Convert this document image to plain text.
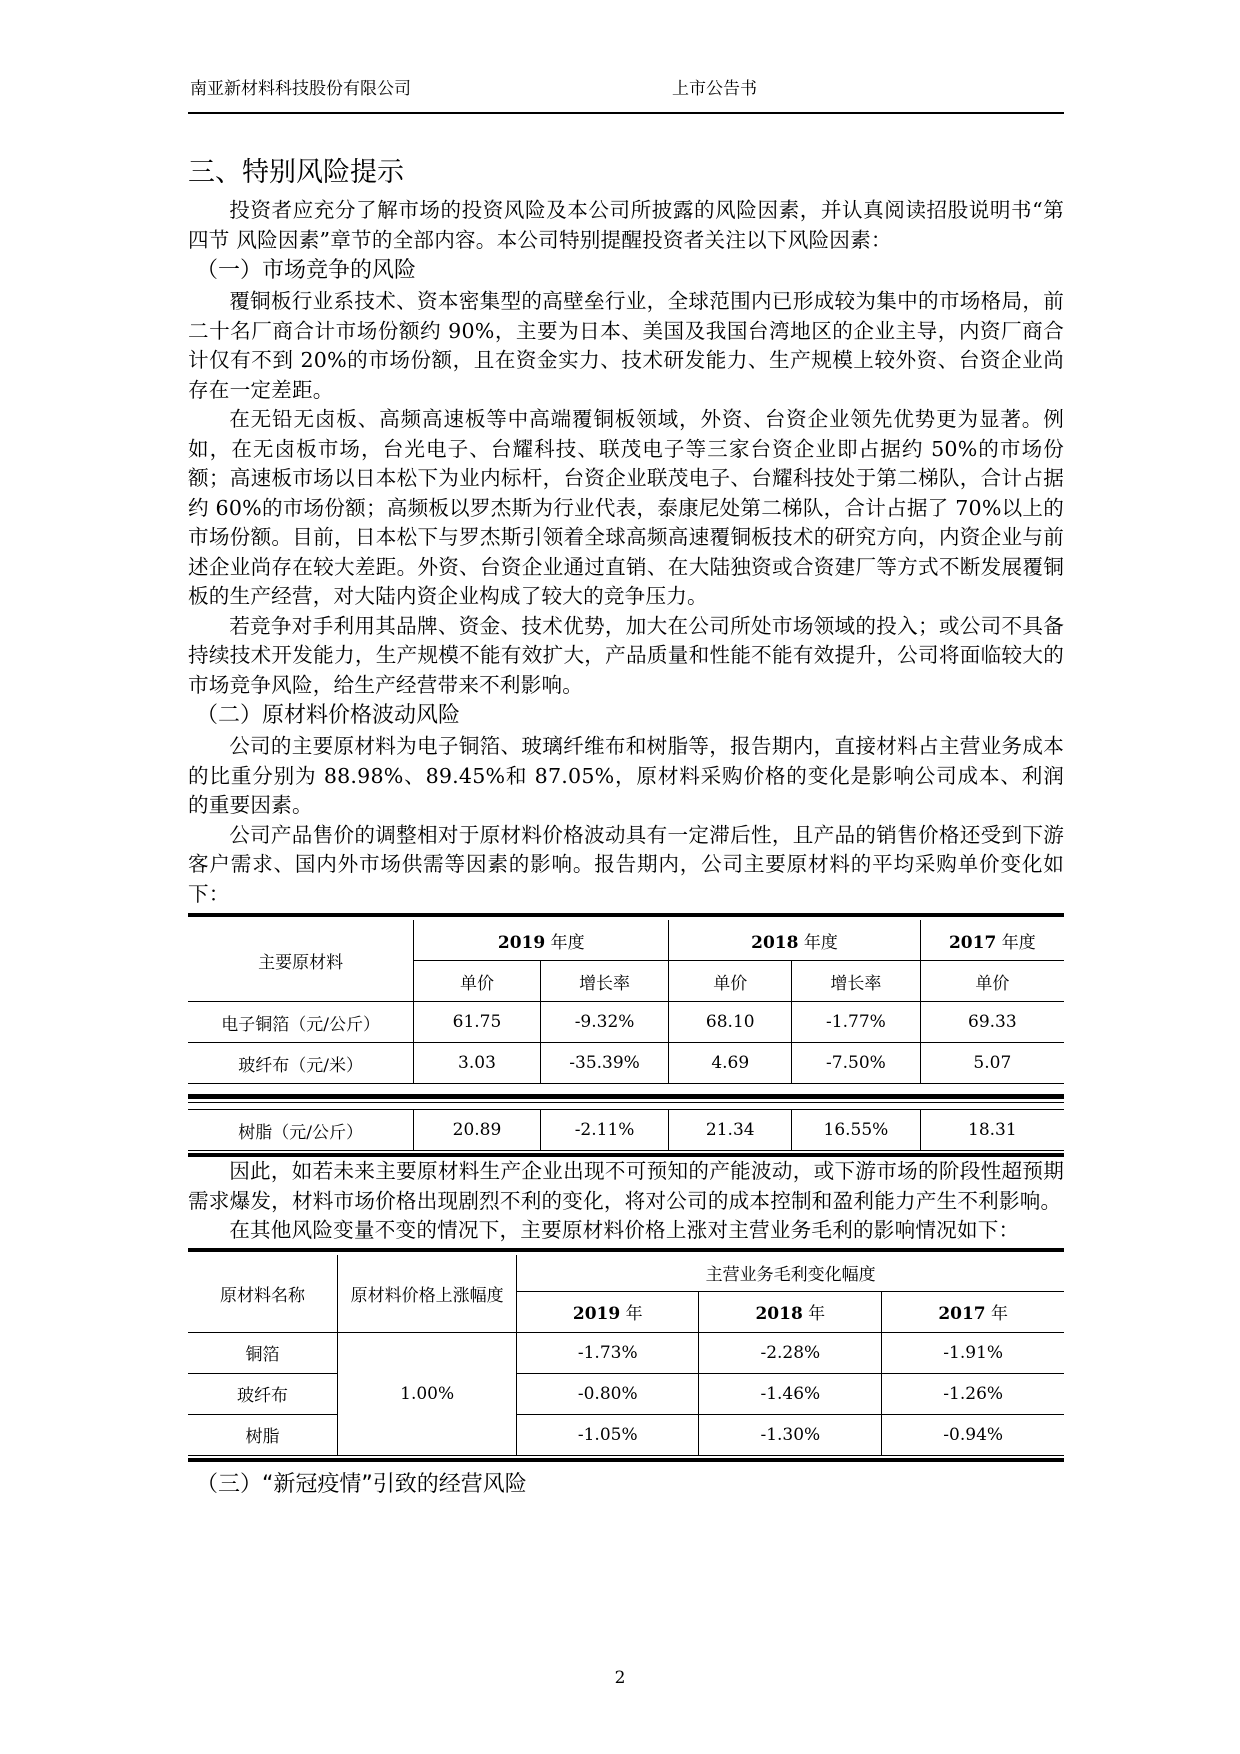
南亚新材料科技股份有限公司	上市公告书
三、特别风险提示
投资者应充分了解市场的投资风险及本公司所披露的风险因素，并认真阅读招股说明书“第四节 风险因素”章节的全部内容。本公司特别提醒投资者关注以下风险因素：
（一）市场竞争的风险
覆铜板行业系技术、资本密集型的高壁垒行业，全球范围内已形成较为集中的市场格局，前二十名厂商合计市场份额约 90%，主要为日本、美国及我国台湾地区的企业主导，内资厂商合计仅有不到 20%的市场份额，且在资金实力、技术研发能力、生产规模上较外资、台资企业尚存在一定差距。
在无铅无卤板、高频高速板等中高端覆铜板领域，外资、台资企业领先优势更为显著。例如，在无卤板市场，台光电子、台耀科技、联茂电子等三家台资企业即占据约 50%的市场份额；高速板市场以日本松下为业内标杆，台资企业联茂电子、台耀科技处于第二梯队，合计占据约 60%的市场份额；高频板以罗杰斯为行业代表，泰康尼处第二梯队，合计占据了 70%以上的市场份额。目前，日本松下与罗杰斯引领着全球高频高速覆铜板技术的研究方向，内资企业与前述企业尚存在较大差距。外资、台资企业通过直销、在大陆独资或合资建厂等方式不断发展覆铜板的生产经营，对大陆内资企业构成了较大的竞争压力。
若竞争对手利用其品牌、资金、技术优势，加大在公司所处市场领域的投入；或公司不具备持续技术开发能力，生产规模不能有效扩大，产品质量和性能不能有效提升，公司将面临较大的市场竞争风险，给生产经营带来不利影响。
（二）原材料价格波动风险
公司的主要原材料为电子铜箔、玻璃纤维布和树脂等，报告期内，直接材料占主营业务成本的比重分别为 88.98%、89.45%和 87.05%，原材料采购价格的变化是影响公司成本、利润的重要因素。
公司产品售价的调整相对于原材料价格波动具有一定滞后性，且产品的销售价格还受到下游客户需求、国内外市场供需等因素的影响。报告期内，公司主要原材料的平均采购单价变化如下：
主要原材料	2019 年度		2018 年度		2017 年度
	单价	增长率	单价	增长率	单价
电子铜箔（元/公斤）	61.75	-9.32%	68.10	-1.77%	69.33
玻纤布（元/米）	3.03	-35.39%	4.69	-7.50%	5.07
树脂（元/公斤）	20.89	-2.11%	21.34	16.55%	18.31
因此，如若未来主要原材料生产企业出现不可预知的产能波动，或下游市场的阶段性超预期需求爆发，材料市场价格出现剧烈不利的变化，将对公司的成本控制和盈利能力产生不利影响。
在其他风险变量不变的情况下，主要原材料价格上涨对主营业务毛利的影响情况如下：
原材料名称	原材料价格上涨幅度	主营业务毛利变化幅度		
		2019 年	2018 年	2017 年
铜箔	1.00%	-1.73%	-2.28%	-1.91%
玻纤布		-0.80%	-1.46%	-1.26%
树脂		-1.05%	-1.30%	-0.94%
（三）“新冠疫情”引致的经营风险
2
